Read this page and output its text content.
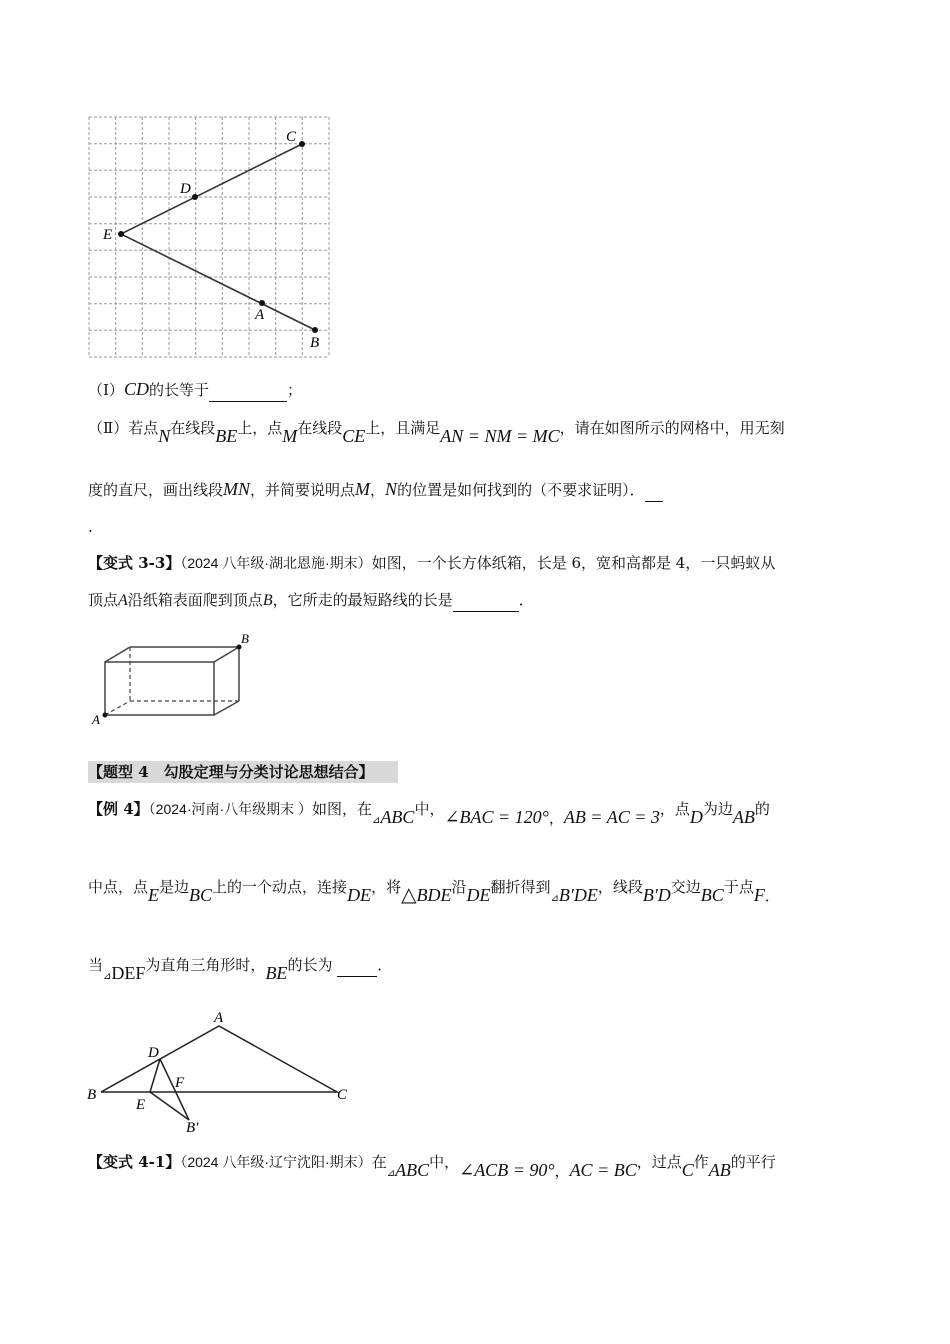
C
D
E
A
B
（Ⅰ）CD的长等于	；
（Ⅱ）若点N在线段BE上，点M在线段CE上，且满足AN = NM = MC，请在如图所示的网格中，用无刻
度的直尺，画出线段MN，并简要说明点M，N的位置是如何找到的（不要求证明）．
.
【变式 3-3】（2024 八年级·湖北恩施·期末）如图，一个长方体纸箱，长是 6，宽和高都是 4，一只蚂蚁从
顶点A沿纸箱表面爬到顶点B，它所走的最短路线的长是	．
A
B
【题型 4　勾股定理与分类讨论思想结合】
【例 4】（2024·河南·八年级期末 ）如图，在$_⊿$ABC中，∠BAC = 120°，AB = AC = 3，点D为边AB的
中点，点E是边BC上的一个动点，连接DE，将△BDE沿DE翻折得到$_⊿$B′DE，线段B′D交边BC于点F．
当$_⊿$DEF为直角三角形时，BE的长为	．
A
B	C
D
E
F
B′
【变式 4-1】（2024 八年级·辽宁沈阳·期末）在$_⊿$ABC中，∠ACB = 90°，AC = BC，过点C作AB的平行
